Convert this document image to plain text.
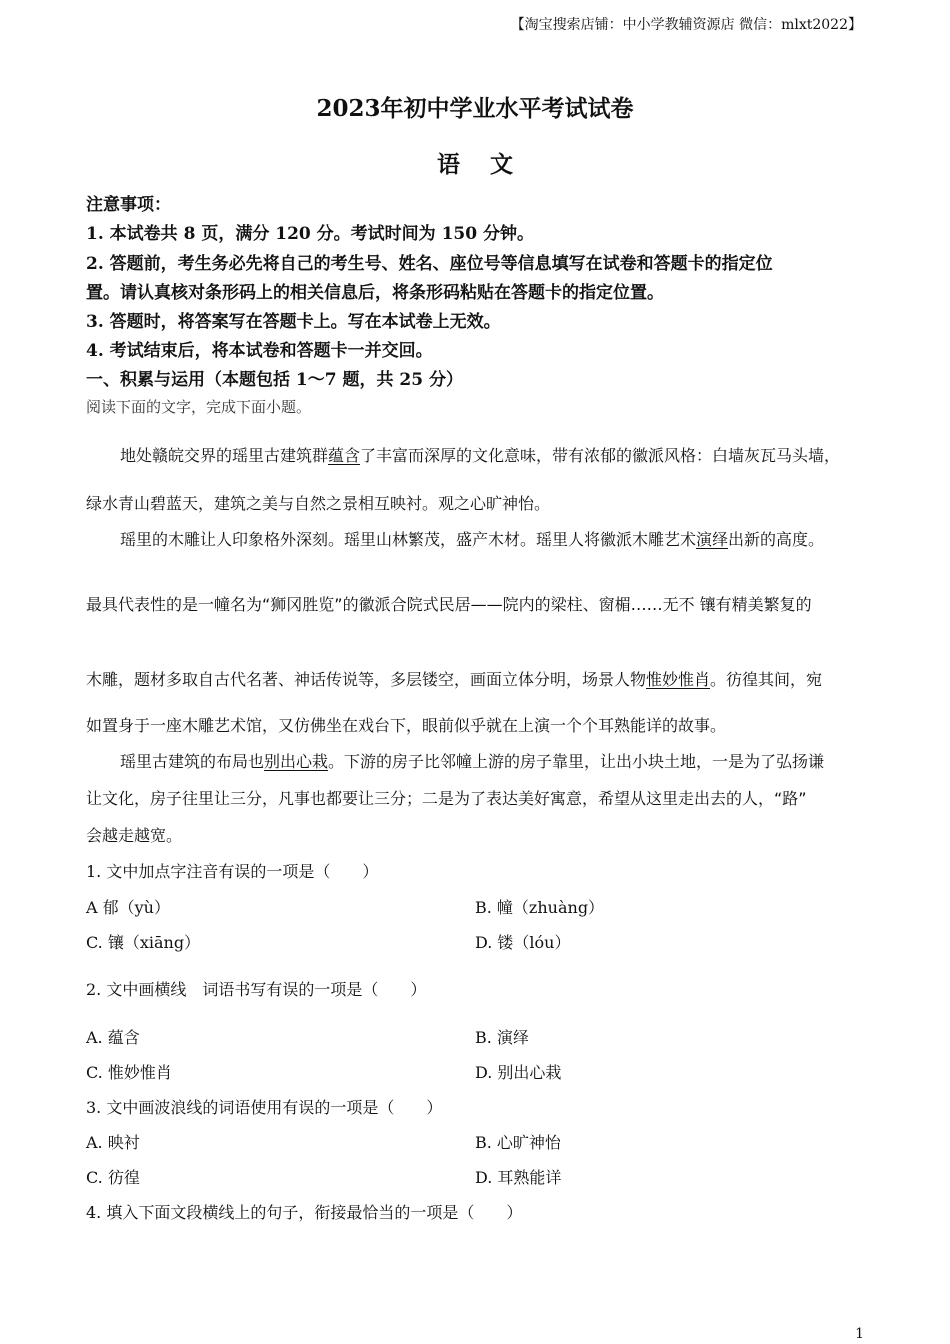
【淘宝搜索店铺：中小学教辅资源店 微信：mlxt2022】
2023年初中学业水平考试试卷
语文
注意事项：
1. 本试卷共 8 页，满分 120 分。考试时间为 150 分钟。
2. 答题前，考生务必先将自己的考生号、姓名、座位号等信息填写在试卷和答题卡的指定位
置。请认真核对条形码上的相关信息后，将条形码粘贴在答题卡的指定位置。
3. 答题时，将答案写在答题卡上。写在本试卷上无效。
4. 考试结束后，将本试卷和答题卡一并交回。
一、积累与运用（本题包括 1～7 题，共 25 分）
阅读下面的文字，完成下面小题。
地处赣皖交界的瑶里古建筑群蕴含了丰富而深厚的文化意味，带有浓郁的徽派风格：白墙灰瓦马头墙，
绿水青山碧蓝天，建筑之美与自然之景相互映衬。观之心旷神怡。
瑶里的木雕让人印象格外深刻。瑶里山林繁茂，盛产木材。瑶里人将徽派木雕艺术演绎出新的高度。
最具代表性的是一幢名为“狮冈胜览”的徽派合院式民居——院内的梁柱、窗楣……无不 镶有精美繁复的
木雕，题材多取自古代名著、神话传说等，多层镂空，画面立体分明，场景人物惟妙惟肖。彷徨其间，宛
如置身于一座木雕艺术馆，又仿佛坐在戏台下，眼前似乎就在上演一个个耳熟能详的故事。
瑶里古建筑的布局也别出心栽。下游的房子比邻幢上游的房子靠里，让出小块土地，一是为了弘扬谦
让文化，房子往里让三分，凡事也都要让三分；二是为了表达美好寓意，希望从这里走出去的人，“路”
会越走越宽。
1. 文中加点字注音有误的一项是（　　）
A 郁（yù）	B. 幢（zhuàng）
C. 镶（xiāng）	D. 镂（lóu）
2. 文中画横线　词语书写有误的一项是（　　）
A. 蕴含	B. 演绎
C. 惟妙惟肖	D. 别出心栽
3. 文中画波浪线的词语使用有误的一项是（　　）
A. 映衬	B. 心旷神怡
C. 彷徨	D. 耳熟能详
4. 填入下面文段横线上的句子，衔接最恰当的一项是（　　）
1
